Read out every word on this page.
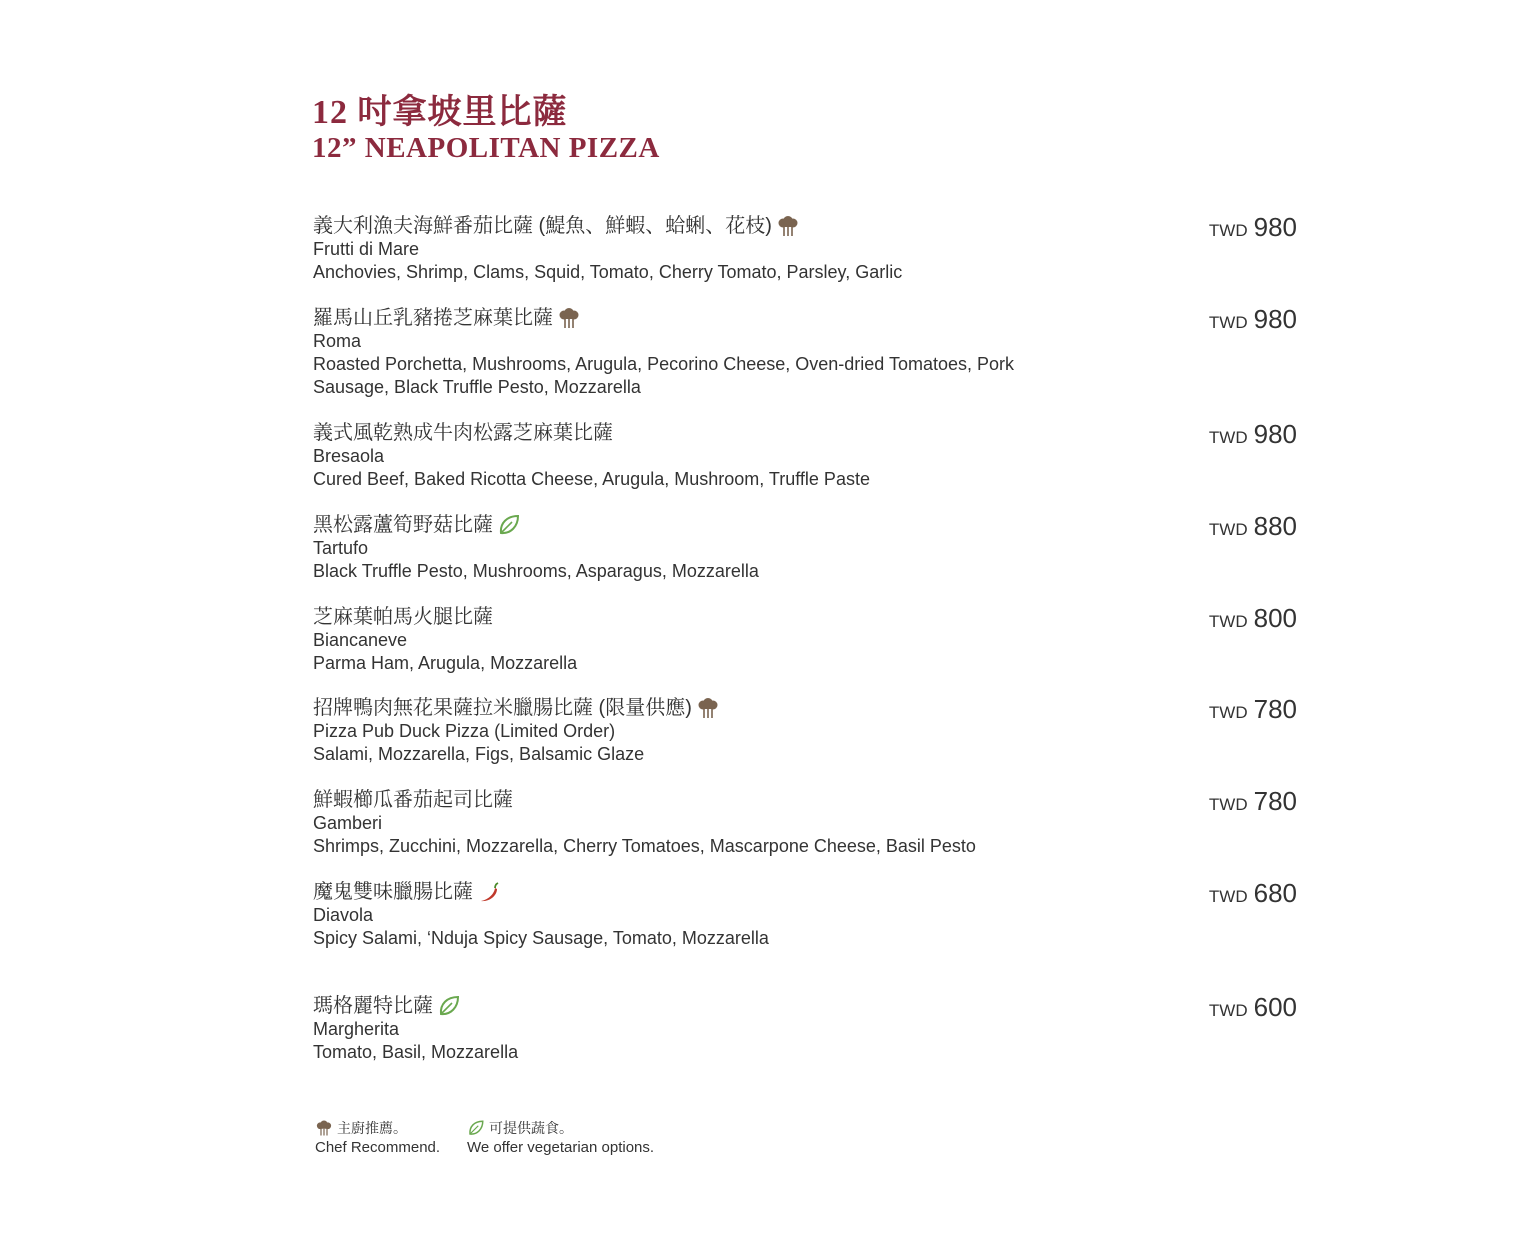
12 吋拿坡里比薩
12” NEAPOLITAN PIZZA
義大利漁夫海鮮番茄比薩 (鯷魚、鮮蝦、蛤蜊、花枝)
Frutti di Mare
Anchovies, Shrimp, Clams, Squid, Tomato, Cherry Tomato, Parsley, Garlic
TWD 980
羅馬山丘乳豬捲芝麻葉比薩
Roma
Roasted Porchetta, Mushrooms, Arugula, Pecorino Cheese, Oven-dried Tomatoes, Pork Sausage, Black Truffle Pesto, Mozzarella
TWD 980
義式風乾熟成牛肉松露芝麻葉比薩
Bresaola
Cured Beef, Baked Ricotta Cheese, Arugula, Mushroom, Truffle Paste
TWD 980
黑松露蘆筍野菇比薩
Tartufo
Black Truffle Pesto, Mushrooms, Asparagus, Mozzarella
TWD 880
芝麻葉帕馬火腿比薩
Biancaneve
Parma Ham, Arugula, Mozzarella
TWD 800
招牌鴨肉無花果薩拉米臘腸比薩 (限量供應)
Pizza Pub Duck Pizza (Limited Order)
Salami, Mozzarella, Figs, Balsamic Glaze
TWD 780
鮮蝦櫛瓜番茄起司比薩
Gamberi
Shrimps, Zucchini, Mozzarella, Cherry Tomatoes, Mascarpone Cheese, Basil Pesto
TWD 780
魔鬼雙味臘腸比薩
Diavola
Spicy Salami, ‘Nduja Spicy Sausage, Tomato, Mozzarella
TWD 680
瑪格麗特比薩
Margherita
Tomato, Basil, Mozzarella
TWD 600
主廚推薦。
Chef Recommend.
可提供蔬食。
We offer vegetarian options.
